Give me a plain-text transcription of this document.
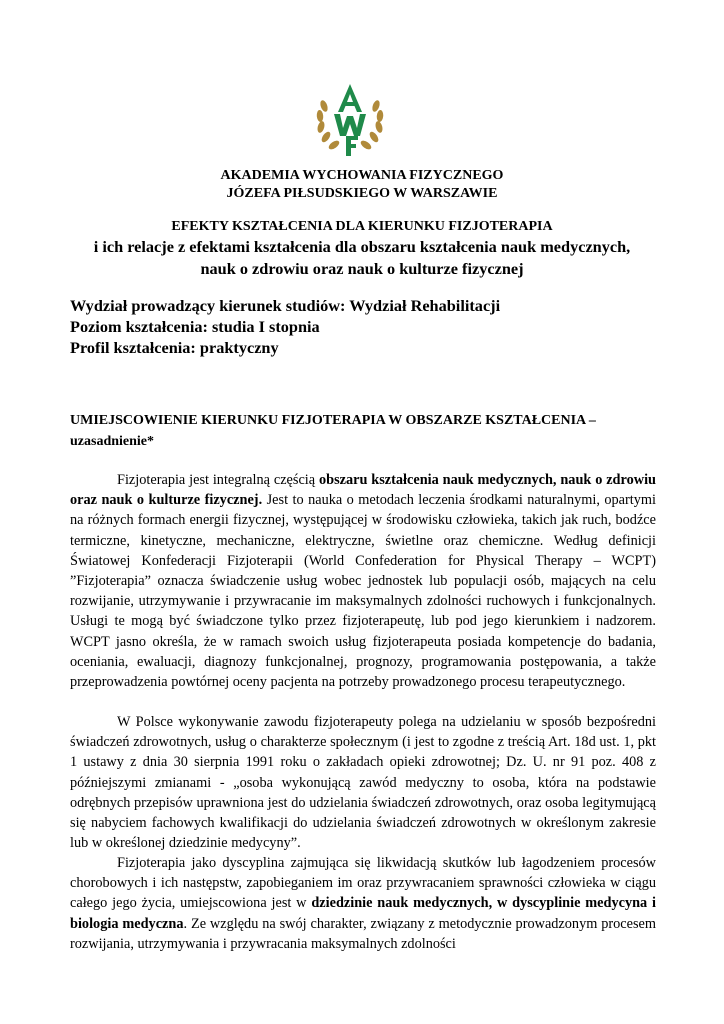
AKADEMIA WYCHOWANIA FIZYCZNEGO
JÓZEFA PIŁSUDSKIEGO W WARSZAWIE
EFEKTY KSZTAŁCENIA DLA KIERUNKU FIZJOTERAPIA
i ich relacje z efektami kształcenia dla obszaru kształcenia nauk medycznych,
nauk o zdrowiu oraz nauk o kulturze fizycznej
Wydział prowadzący kierunek studiów: Wydział Rehabilitacji
Poziom kształcenia: studia I stopnia
Profil kształcenia: praktyczny
UMIEJSCOWIENIE KIERUNKU FIZJOTERAPIA W OBSZARZE KSZTAŁCENIA –
uzasadnienie*

Fizjoterapia jest integralną częścią obszaru kształcenia nauk medycznych, nauk o zdrowiu oraz nauk o kulturze fizycznej. Jest to nauka o metodach leczenia środkami naturalnymi, opartymi na różnych formach energii fizycznej, występującej w środowisku człowieka, takich jak ruch, bodźce termiczne, kinetyczne, mechaniczne, elektryczne, świetlne oraz chemiczne. Według definicji Światowej Konfederacji Fizjoterapii (World Confederation for Physical Therapy – WCPT) ”Fizjoterapia” oznacza świadczenie usług wobec jednostek lub populacji osób, mających na celu rozwijanie, utrzymywanie i przywracanie im maksymalnych zdolności ruchowych i funkcjonalnych. Usługi te mogą być świadczone tylko przez fizjoterapeutę, lub pod jego kierunkiem i nadzorem. WCPT jasno określa, że w ramach swoich usług fizjoterapeuta posiada kompetencje do badania, oceniania, ewaluacji, diagnozy funkcjonalnej, prognozy, programowania postępowania, a także przeprowadzenia powtórnej oceny pacjenta na potrzeby prowadzonego procesu terapeutycznego.

W Polsce wykonywanie zawodu fizjoterapeuty polega na udzielaniu w sposób bezpośredni świadczeń zdrowotnych, usług o charakterze społecznym (i jest to zgodne z treścią Art. 18d ust. 1, pkt 1 ustawy z dnia 30 sierpnia 1991 roku o zakładach opieki zdrowotnej; Dz. U. nr 91 poz. 408 z późniejszymi zmianami - „osoba wykonującą zawód medyczny to osoba, która na podstawie odrębnych przepisów uprawniona jest do udzielania świadczeń zdrowotnych, oraz osoba legitymującą się nabyciem fachowych kwalifikacji do udzielania świadczeń zdrowotnych w określonym zakresie lub w określonej dziedzinie medycyny”.

Fizjoterapia jako dyscyplina zajmująca się likwidacją skutków lub łagodzeniem procesów chorobowych i ich następstw, zapobieganiem im oraz przywracaniem sprawności człowieka w ciągu całego jego życia, umiejscowiona jest w dziedzinie nauk medycznych, w dyscyplinie medycyna i biologia medyczna. Ze względu na swój charakter, związany z metodycznie prowadzonym procesem rozwijania, utrzymywania i przywracania maksymalnych zdolności
